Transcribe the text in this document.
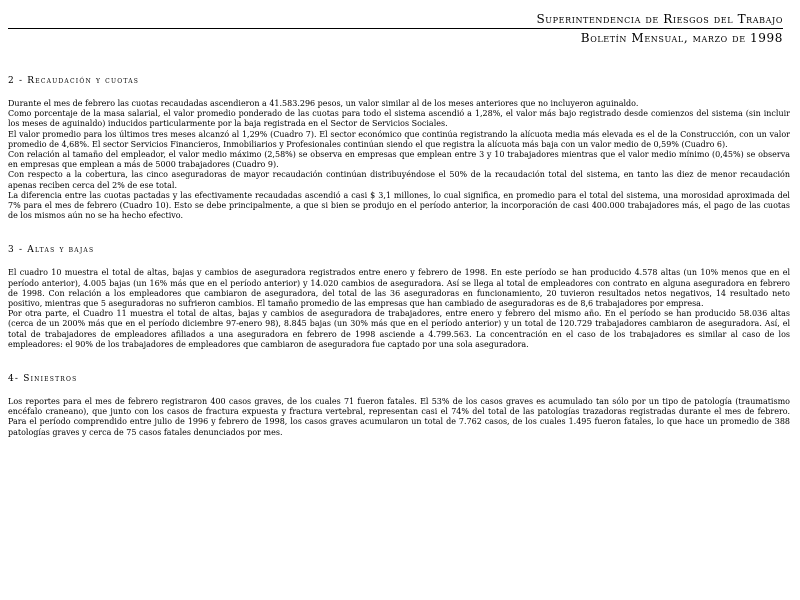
Superintendencia de Riesgos del Trabajo
Boletín Mensual, marzo de 1998
2 - Recaudación y cuotas

Durante el mes de febrero las cuotas recaudadas ascendieron a 41.583.296 pesos, un valor similar al de los meses anteriores que no incluyeron aguinaldo.

Como porcentaje de la masa salarial, el valor promedio ponderado de las cuotas para todo el sistema ascendió a 1,28%, el valor más bajo registrado desde comienzos del sistema (sin incluir los meses de aguinaldo) inducidos particularmente por la baja registrada en el Sector de Servicios Sociales.

El valor promedio para los últimos tres meses alcanzó al 1,29% (Cuadro 7). El sector económico que continúa registrando la alícuota media más elevada es el de la Construcción, con un valor promedio de 4,68%. El sector Servicios Financieros, Inmobiliarios y Profesionales continúan siendo el que registra la alícuota más baja con un valor medio de 0,59% (Cuadro 6).

Con relación al tamaño del empleador, el valor medio máximo (2,58%) se observa en empresas que emplean entre 3 y 10 trabajadores mientras que el valor medio mínimo (0,45%) se observa en empresas que emplean a más de 5000 trabajadores (Cuadro 9).

Con respecto a la cobertura, las cinco aseguradoras de mayor recaudación continúan distribuyéndose el 50% de la recaudación total del sistema, en tanto las diez de menor recaudación apenas reciben cerca del 2% de ese total.

La diferencia entre las cuotas pactadas y las efectivamente recaudadas ascendió a casi $ 3,1 millones, lo cual significa, en promedio para el total del sistema, una morosidad aproximada del 7% para el mes de febrero (Cuadro 10). Esto se debe principalmente, a que si bien se produjo en el período anterior, la incorporación de casi 400.000 trabajadores más, el pago de las cuotas de los mismos aún no se ha hecho efectivo.

3 - Altas y bajas

El cuadro 10 muestra el total de altas, bajas y cambios de aseguradora registrados entre enero y febrero de 1998. En este período se han producido 4.578 altas (un 10% menos que en el período anterior), 4.005 bajas (un 16% más que en el período anterior) y 14.020 cambios de aseguradora. Así se llega al total de empleadores con contrato en alguna aseguradora en febrero de 1998. Con relación a los empleadores que cambiaron de aseguradora, del total de las 36 aseguradoras en funcionamiento, 20 tuvieron resultados netos negativos, 14 resultado neto positivo, mientras que 5 aseguradoras no sufrieron cambios. El tamaño promedio de las empresas que han cambiado de aseguradoras es de 8,6 trabajadores por empresa.

Por otra parte, el Cuadro 11 muestra el total de altas, bajas y cambios de aseguradora de trabajadores, entre enero y febrero del mismo año. En el período se han producido 58.036 altas (cerca de un 200% más que en el período diciembre 97-enero 98), 8.845 bajas (un 30% más que en el período anterior) y un total de 120.729 trabajadores cambiaron de aseguradora. Así, el total de trabajadores de empleadores afiliados a una aseguradora en febrero de 1998 asciende a 4.799.563. La concentración en el caso de los trabajadores es similar al caso de los empleadores: el 90% de los trabajadores de empleadores que cambiaron de aseguradora fue captado por una sola aseguradora.

4- Siniestros

Los reportes para el mes de febrero registraron 400 casos graves, de los cuales 71 fueron fatales. El 53% de los casos graves es acumulado tan sólo por un tipo de patología (traumatismo encéfalo craneano), que junto con los casos de fractura expuesta y fractura vertebral, representan casi el 74% del total de las patologías trazadoras registradas durante el mes de febrero. Para el período comprendido entre julio de 1996 y febrero de 1998, los casos graves acumularon un total de 7.762 casos, de los cuales 1.495 fueron fatales, lo que hace un promedio de 388 patologías graves y cerca de 75 casos fatales denunciados por mes.
